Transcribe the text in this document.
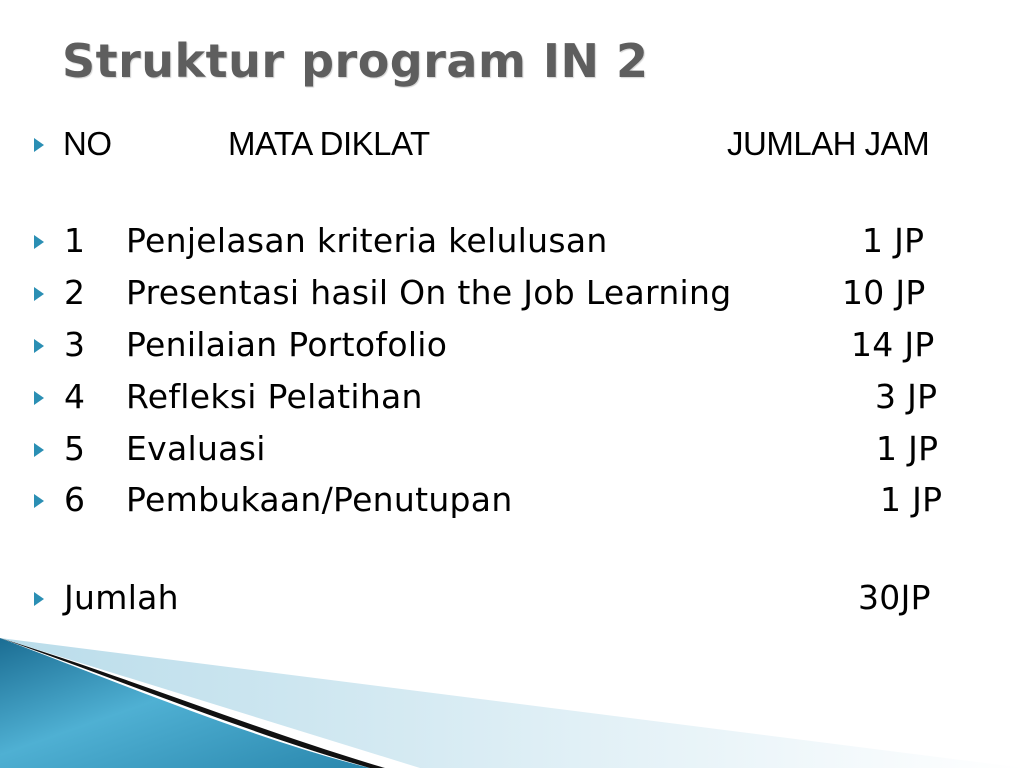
Struktur program IN 2
NO	MATA DIKLAT	JUMLAH JAM
1 Penjelasan kriteria kelulusan	1 JP
2 Presentasi hasil On the Job Learning	10 JP
3 Penilaian Portofolio	14 JP
4 Refleksi Pelatihan	3 JP
5 Evaluasi	1 JP
6 Pembukaan/Penutupan	1 JP
Jumlah	30JP
